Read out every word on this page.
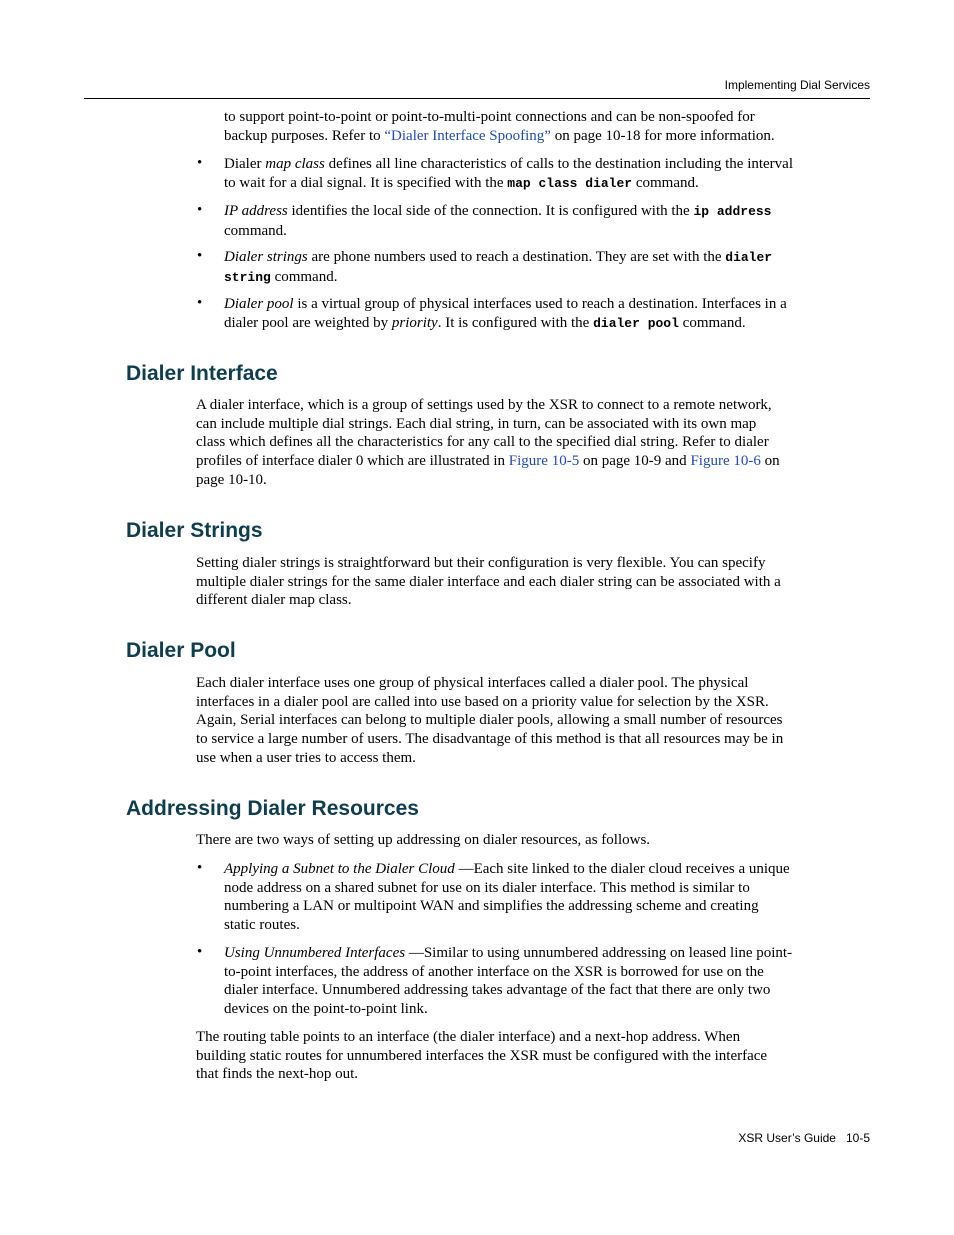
Implementing Dial Services
to support point-to-point or point-to-multi-point connections and can be non-spoofed for
backup purposes. Refer to “Dialer Interface Spoofing” on page 10-18 for more information.
• Dialer map class defines all line characteristics of calls to the destination including the interval
to wait for a dial signal. It is specified with the map class dialer command.
• IP address identifies the local side of the connection. It is configured with the ip address
command.
• Dialer strings are phone numbers used to reach a destination. They are set with the dialer
string command.
• Dialer pool is a virtual group of physical interfaces used to reach a destination. Interfaces in a
dialer pool are weighted by priority. It is configured with the dialer pool command.
Dialer Interface
A dialer interface, which is a group of settings used by the XSR to connect to a remote network,
can include multiple dial strings. Each dial string, in turn, can be associated with its own map
class which defines all the characteristics for any call to the specified dial string. Refer to dialer
profiles of interface dialer 0 which are illustrated in Figure 10-5 on page 10-9 and Figure 10-6 on
page 10-10.
Dialer Strings
Setting dialer strings is straightforward but their configuration is very flexible. You can specify
multiple dialer strings for the same dialer interface and each dialer string can be associated with a
different dialer map class.
Dialer Pool
Each dialer interface uses one group of physical interfaces called a dialer pool. The physical
interfaces in a dialer pool are called into use based on a priority value for selection by the XSR.
Again, Serial interfaces can belong to multiple dialer pools, allowing a small number of resources
to service a large number of users. The disadvantage of this method is that all resources may be in
use when a user tries to access them.
Addressing Dialer Resources
There are two ways of setting up addressing on dialer resources, as follows.
• Applying a Subnet to the Dialer Cloud —Each site linked to the dialer cloud receives a unique
node address on a shared subnet for use on its dialer interface. This method is similar to
numbering a LAN or multipoint WAN and simplifies the addressing scheme and creating
static routes.
• Using Unnumbered Interfaces —Similar to using unnumbered addressing on leased line point-
to-point interfaces, the address of another interface on the XSR is borrowed for use on the
dialer interface. Unnumbered addressing takes advantage of the fact that there are only two
devices on the point-to-point link.
The routing table points to an interface (the dialer interface) and a next-hop address. When
building static routes for unnumbered interfaces the XSR must be configured with the interface
that finds the next-hop out.
XSR User’s Guide 10-5
